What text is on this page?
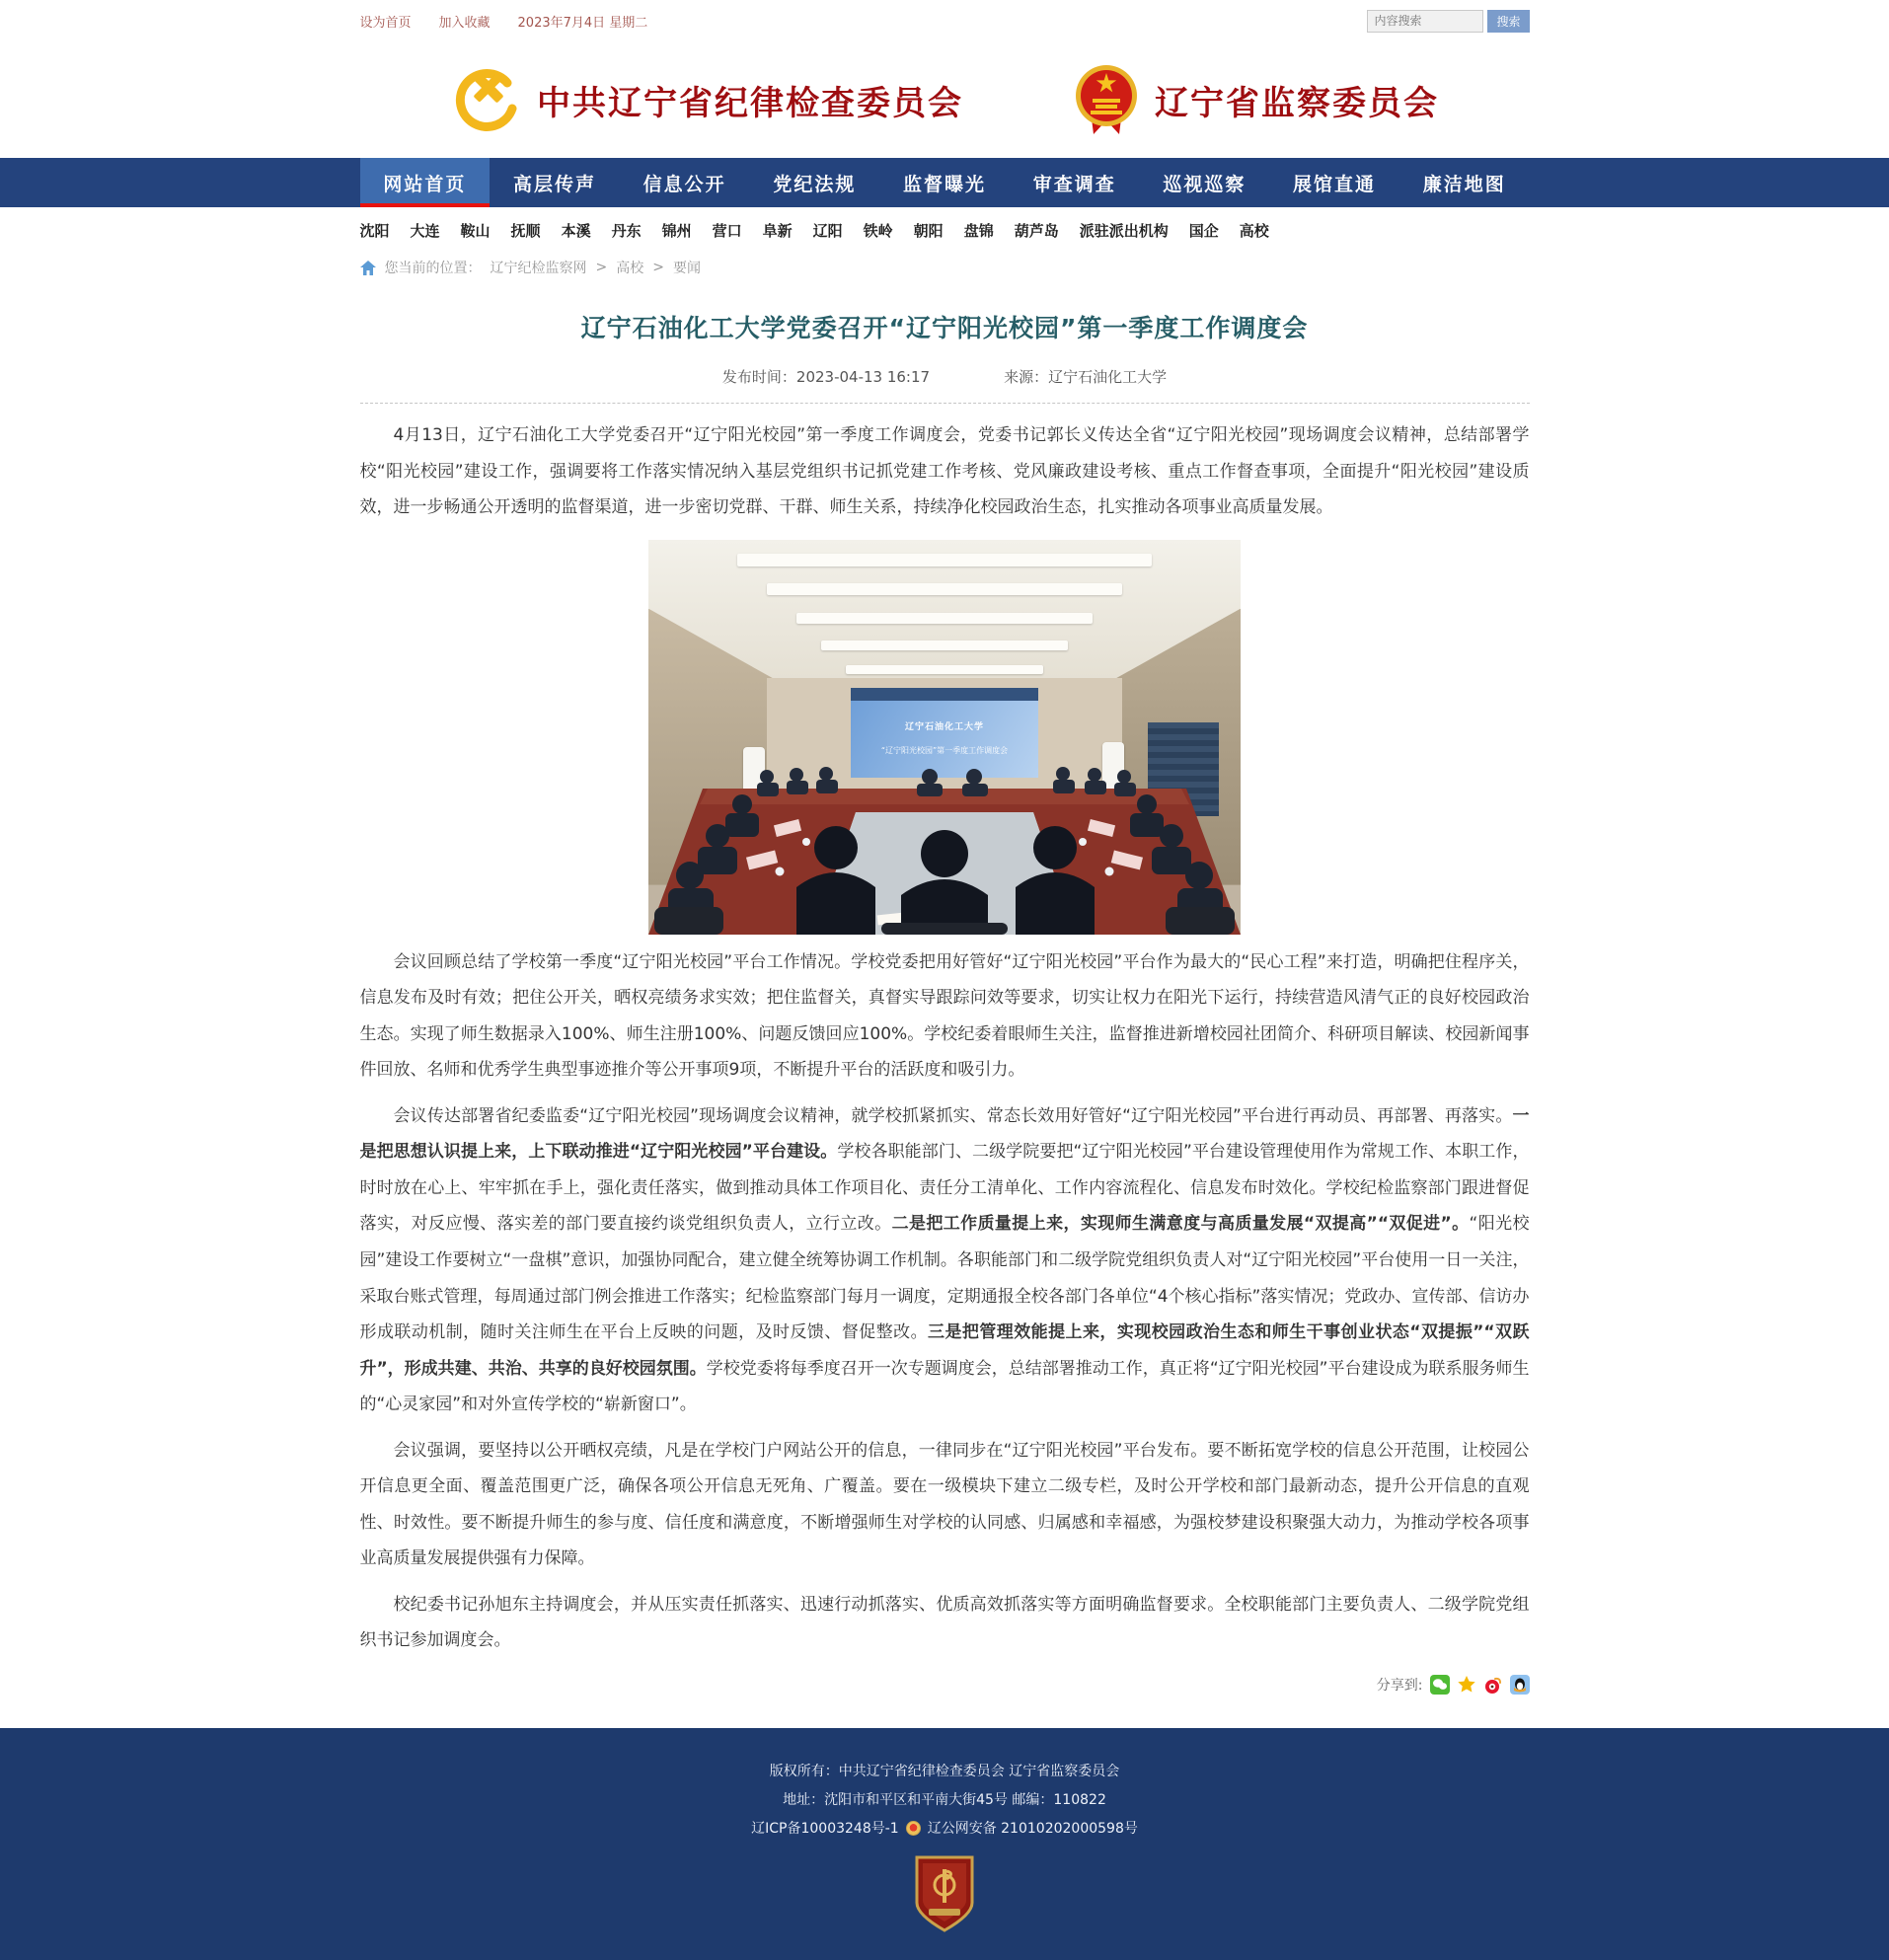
设为首页 加入收藏 2023年7月4日 星期二
内容搜索	搜索
中共辽宁省纪律检查委员会	辽宁省监察委员会
网站首页	高层传声	信息公开	党纪法规	监督曝光	审查调查	巡视巡察	展馆直通	廉洁地图
沈阳 大连 鞍山 抚顺 本溪 丹东 锦州 营口 阜新 辽阳 铁岭 朝阳 盘锦 葫芦岛 派驻派出机构 国企 高校
您当前的位置： 辽宁纪检监察网 > 高校 > 要闻
辽宁石油化工大学党委召开“辽宁阳光校园”第一季度工作调度会
发布时间：2023-04-13 16:17	来源：辽宁石油化工大学

4月13日，辽宁石油化工大学党委召开“辽宁阳光校园”第一季度工作调度会，党委书记郭长义传达全省“辽宁阳光校园”现场调度会议精神，总结部署学校“阳光校园”建设工作，强调要将工作落实情况纳入基层党组织书记抓党建工作考核、党风廉政建设考核、重点工作督查事项，全面提升“阳光校园”建设质效，进一步畅通公开透明的监督渠道，进一步密切党群、干群、师生关系，持续净化校园政治生态，扎实推动各项事业高质量发展。

辽宁石油化工大学
“辽宁阳光校园”第一季度工作调度会

会议回顾总结了学校第一季度“辽宁阳光校园”平台工作情况。学校党委把用好管好“辽宁阳光校园”平台作为最大的“民心工程”来打造，明确把住程序关，信息发布及时有效；把住公开关，晒权亮绩务求实效；把住监督关，真督实导跟踪问效等要求，切实让权力在阳光下运行，持续营造风清气正的良好校园政治生态。实现了师生数据录入100%、师生注册100%、问题反馈回应100%。学校纪委着眼师生关注，监督推进新增校园社团简介、科研项目解读、校园新闻事件回放、名师和优秀学生典型事迹推介等公开事项9项，不断提升平台的活跃度和吸引力。

会议传达部署省纪委监委“辽宁阳光校园”现场调度会议精神，就学校抓紧抓实、常态长效用好管好“辽宁阳光校园”平台进行再动员、再部署、再落实。一是把思想认识提上来，上下联动推进“辽宁阳光校园”平台建设。学校各职能部门、二级学院要把“辽宁阳光校园”平台建设管理使用作为常规工作、本职工作，时时放在心上、牢牢抓在手上，强化责任落实，做到推动具体工作项目化、责任分工清单化、工作内容流程化、信息发布时效化。学校纪检监察部门跟进督促落实，对反应慢、落实差的部门要直接约谈党组织负责人，立行立改。二是把工作质量提上来，实现师生满意度与高质量发展“双提高”“双促进”。“阳光校园”建设工作要树立“一盘棋”意识，加强协同配合，建立健全统筹协调工作机制。各职能部门和二级学院党组织负责人对“辽宁阳光校园”平台使用一日一关注，采取台账式管理，每周通过部门例会推进工作落实；纪检监察部门每月一调度，定期通报全校各部门各单位“4个核心指标”落实情况；党政办、宣传部、信访办形成联动机制，随时关注师生在平台上反映的问题，及时反馈、督促整改。三是把管理效能提上来，实现校园政治生态和师生干事创业状态“双提振”“双跃升”，形成共建、共治、共享的良好校园氛围。学校党委将每季度召开一次专题调度会，总结部署推动工作，真正将“辽宁阳光校园”平台建设成为联系服务师生的“心灵家园”和对外宣传学校的“崭新窗口”。

会议强调，要坚持以公开晒权亮绩，凡是在学校门户网站公开的信息，一律同步在“辽宁阳光校园”平台发布。要不断拓宽学校的信息公开范围，让校园公开信息更全面、覆盖范围更广泛，确保各项公开信息无死角、广覆盖。要在一级模块下建立二级专栏，及时公开学校和部门最新动态，提升公开信息的直观性、时效性。要不断提升师生的参与度、信任度和满意度，不断增强师生对学校的认同感、归属感和幸福感，为强校梦建设积聚强大动力，为推动学校各项事业高质量发展提供强有力保障。

校纪委书记孙旭东主持调度会，并从压实责任抓落实、迅速行动抓落实、优质高效抓落实等方面明确监督要求。全校职能部门主要负责人、二级学院党组织书记参加调度会。

分享到:
版权所有：中共辽宁省纪律检查委员会 辽宁省监察委员会
地址：沈阳市和平区和平南大街45号 邮编：110822
辽ICP备10003248号-1 辽公网安备 21010202000598号
